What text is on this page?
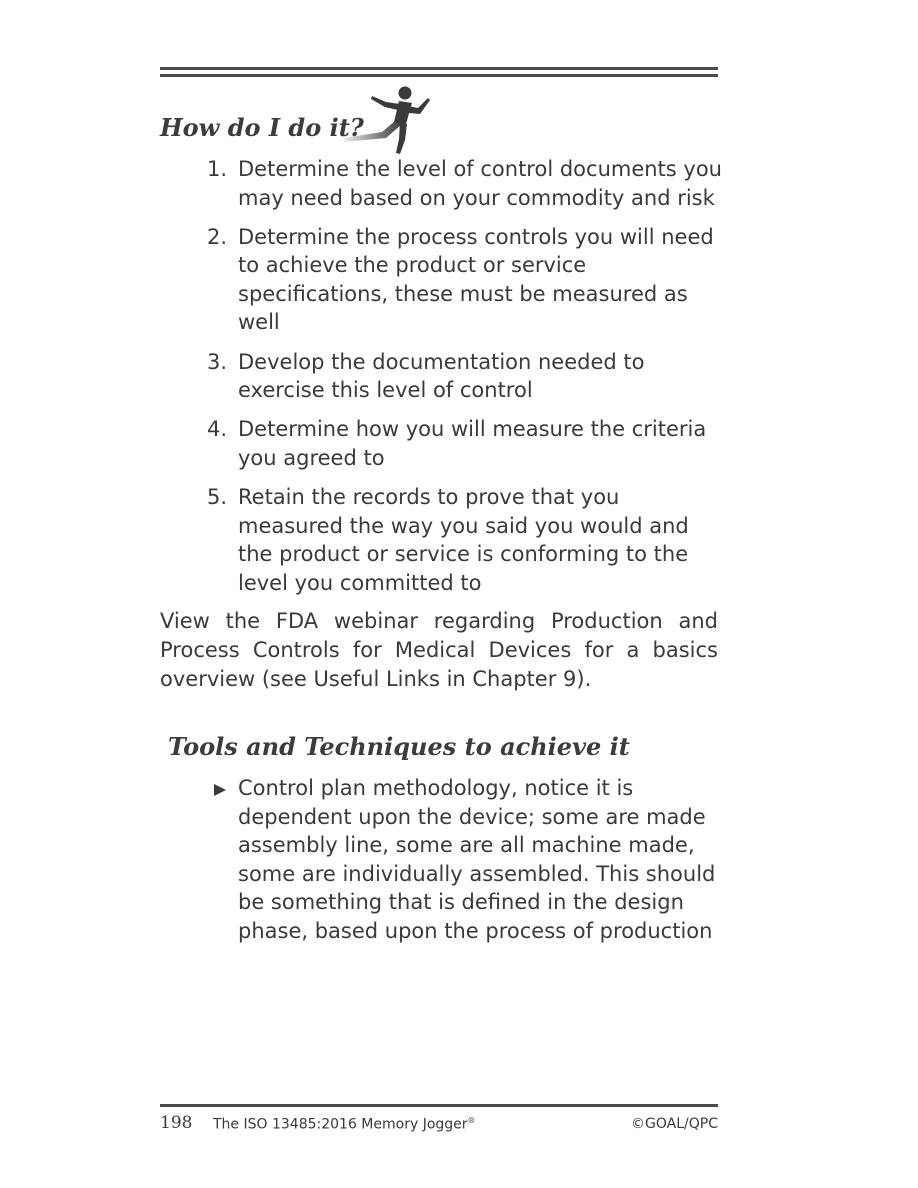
How do I do it?
1. Determine the level of control documents you may need based on your commodity and risk
2. Determine the process controls you will need to achieve the product or service specifications, these must be measured as well
3. Develop the documentation needed to exercise this level of control
4. Determine how you will measure the criteria you agreed to
5. Retain the records to prove that you measured the way you said you would and the product or service is conforming to the level you committed to

View the FDA webinar regarding Production and Process Controls for Medical Devices for a basics overview (see Useful Links in Chapter 9).

Tools and Techniques to achieve it
Control plan methodology, notice it is dependent upon the device; some are made assembly line, some are all machine made, some are individually assembled. This should be something that is defined in the design phase, based upon the process of production
198 The ISO 13485:2016 Memory Jogger®	©GOAL/QPC
